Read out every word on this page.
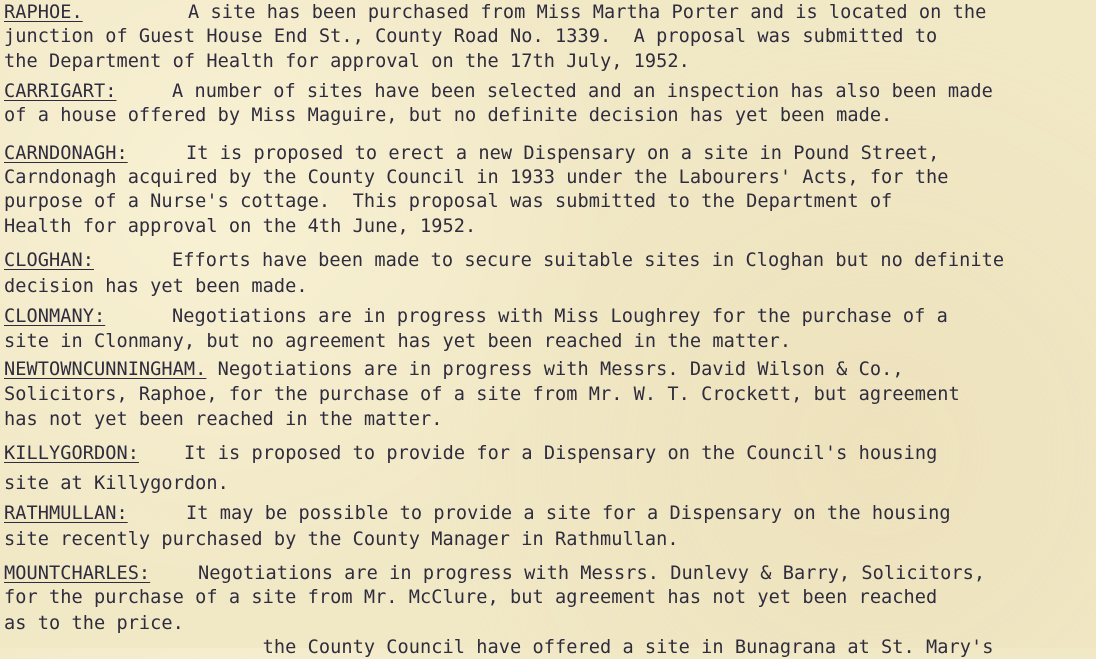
RAPHOE.	A site has been purchased from Miss Martha Porter and is located on the
junction of Guest House End St., County Road No. 1339.  A proposal was submitted to
the Department of Health for approval on the 17th July, 1952.
CARRIGART:	A number of sites have been selected and an inspection has also been made
of a house offered by Miss Maguire, but no definite decision has yet been made.
CARNDONAGH:	It is proposed to erect a new Dispensary on a site in Pound Street,
Carndonagh acquired by the County Council in 1933 under the Labourers' Acts, for the
purpose of a Nurse's cottage.  This proposal was submitted to the Department of
Health for approval on the 4th June, 1952.
CLOGHAN:	Efforts have been made to secure suitable sites in Cloghan but no definite
decision has yet been made.
CLONMANY:	Negotiations are in progress with Miss Loughrey for the purchase of a
site in Clonmany, but no agreement has yet been reached in the matter.
NEWTOWNCUNNINGHAM. Negotiations are in progress with Messrs. David Wilson & Co.,
Solicitors, Raphoe, for the purchase of a site from Mr. W. T. Crockett, but agreement
has not yet been reached in the matter.
KILLYGORDON: It is proposed to provide for a Dispensary on the Council's housing
site at Killygordon.
RATHMULLAN:	It may be possible to provide a site for a Dispensary on the housing
site recently purchased by the County Manager in Rathmullan.
MOUNTCHARLES:	Negotiations are in progress with Messrs. Dunlevy & Barry, Solicitors,
for the purchase of a site from Mr. McClure, but agreement has not yet been reached
as to the price.
the County Council have offered a site in Bunagrana at St. Mary's
